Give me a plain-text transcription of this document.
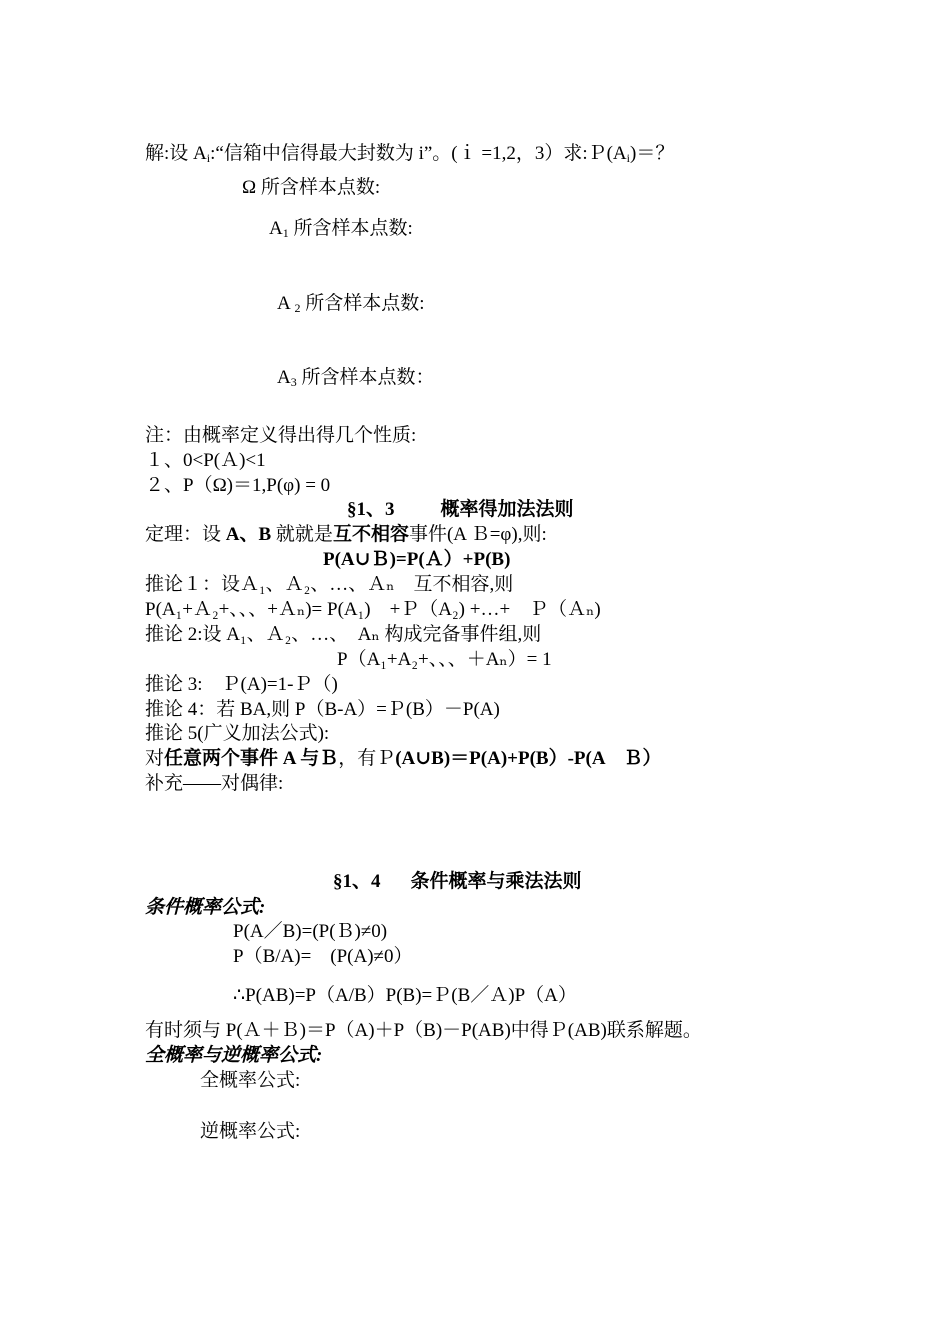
解:设 $A_i:“$信箱中信得最大封数为 i”。(ｉ =1,2，3）求$:P(A_i)=$？
Ω 所含样本点数:
$A_1$ 所含样本点数:
A $_2$ 所含样本点数:
$A_3$ 所含样本点数：
注：由概率定义得出得几个性质:
１、0<P(Ａ)<1
２、P（Ω)＝1,P(φ) = 0
§1、3 概率得加法法则
定理：设 A、B 就就是互不相容事件(A Ｂ=φ),则:
P(A∪Ｂ)=P(Ａ）+P(B)
推论１：设Ａ₁、Ａ₂、…、Ａₙ　互不相容,则
P(A₁+Ａ₂+、、、+Ａₙ)= P(A₁)　+Ｐ（A₂) +…+　Ｐ（Ａₙ)
推论 2:设 A₁、Ａ₂、…、　Aₙ 构成完备事件组,则
P（A₁+A₂+、、、＋Aₙ）= 1
推论 3:　Ｐ(A)=1-Ｐ（)
推论 4：若 BA,则 P（B-A）=Ｐ(B）－P(A)
推论 5(广义加法公式):
对任意两个事件 A 与Ｂ，有Ｐ(A∪B)＝P(A)+P(B）-P(A　Ｂ）
补充——对偶律:
§1、4 条件概率与乘法法则
条件概率公式:
P(A／B)=(P(Ｂ)≠0)
P（B/A)=　(P(A)≠0）
∴P(AB)=P（A/B）P(B)=Ｐ(B／Ａ)P（A）
有时须与 P(Ａ＋Ｂ)＝P（A)＋P（B)－P(AB)中得Ｐ(AB)联系解题。
全概率与逆概率公式:
全概率公式:
逆概率公式:
